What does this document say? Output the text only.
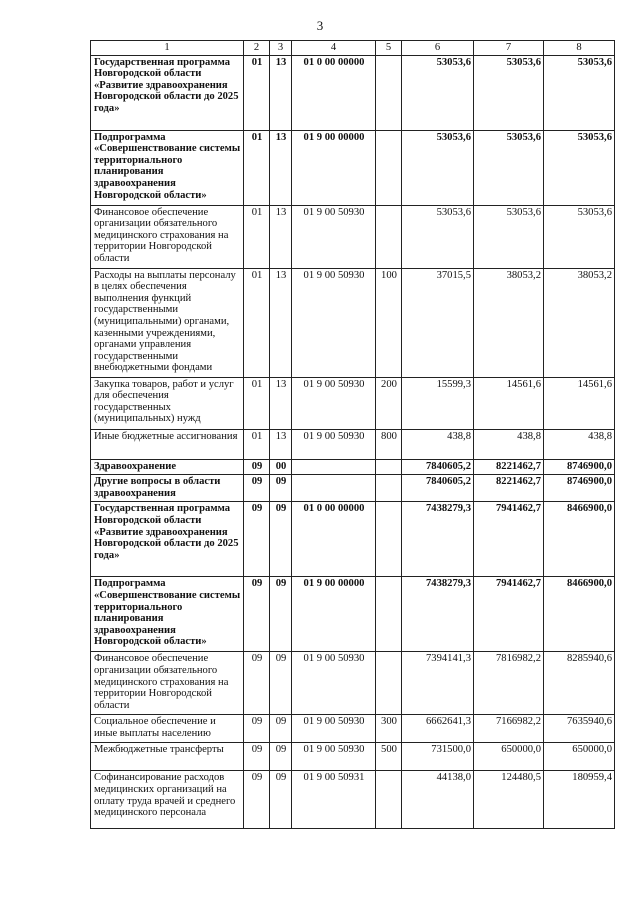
3
1	2	3	4	5	6	7	8
Государственная программа Новгородской области «Развитие здравоохранения Новгородской области до 2025 года»	01	13	01 0 00 00000		53053,6	53053,6	53053,6
Подпрограмма «Совершенствование системы территориального планирования здравоохранения Новгородской области»	01	13	01 9 00 00000		53053,6	53053,6	53053,6
Финансовое обеспечение организации обязательного медицинского страхования на территории Новгородской области	01	13	01 9 00 50930		53053,6	53053,6	53053,6
Расходы на выплаты персоналу в целях обеспечения выполнения функций государственными (муниципальными) органами, казенными учреждениями, органами управления государственными внебюджетными фондами	01	13	01 9 00 50930	100	37015,5	38053,2	38053,2
Закупка товаров, работ и услуг для обеспечения государственных (муниципальных) нужд	01	13	01 9 00 50930	200	15599,3	14561,6	14561,6
Иные бюджетные ассигнования	01	13	01 9 00 50930	800	438,8	438,8	438,8
Здравоохранение	09	00			7840605,2	8221462,7	8746900,0
Другие вопросы в области здравоохранения	09	09			7840605,2	8221462,7	8746900,0
Государственная программа Новгородской области «Развитие здравоохранения Новгородской области до 2025 года»	09	09	01 0 00 00000		7438279,3	7941462,7	8466900,0
Подпрограмма «Совершенствование системы территориального планирования здравоохранения Новгородской области»	09	09	01 9 00 00000		7438279,3	7941462,7	8466900,0
Финансовое обеспечение организации обязательного медицинского страхования на территории Новгородской области	09	09	01 9 00 50930		7394141,3	7816982,2	8285940,6
Социальное обеспечение и иные выплаты населению	09	09	01 9 00 50930	300	6662641,3	7166982,2	7635940,6
Межбюджетные трансферты	09	09	01 9 00 50930	500	731500,0	650000,0	650000,0
Софинансирование расходов медицинских организаций на оплату труда врачей и среднего медицинского персонала	09	09	01 9 00 50931		44138,0	124480,5	180959,4
